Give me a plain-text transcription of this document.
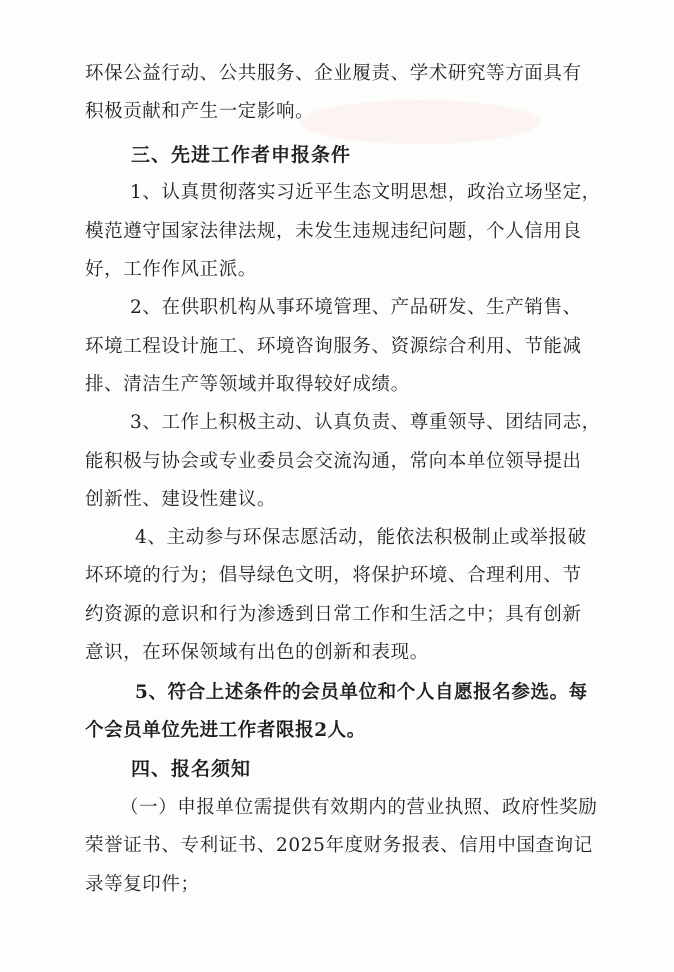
环保公益行动、公共服务、企业履责、学术研究等方面具有
积极贡献和产生一定影响。
三、先进工作者申报条件
1、认真贯彻落实习近平生态文明思想，政治立场坚定，
模范遵守国家法律法规，未发生违规违纪问题，个人信用良
好，工作作风正派。
2、在供职机构从事环境管理、产品研发、生产销售、
环境工程设计施工、环境咨询服务、资源综合利用、节能减
排、清洁生产等领域并取得较好成绩。
3、工作上积极主动、认真负责、尊重领导、团结同志，
能积极与协会或专业委员会交流沟通，常向本单位领导提出
创新性、建设性建议。
4、主动参与环保志愿活动，能依法积极制止或举报破
坏环境的行为；倡导绿色文明，将保护环境、合理利用、节
约资源的意识和行为渗透到日常工作和生活之中；具有创新
意识，在环保领域有出色的创新和表现。
5、符合上述条件的会员单位和个人自愿报名参选。每
个会员单位先进工作者限报2人。
四、报名须知
（一）申报单位需提供有效期内的营业执照、政府性奖励
荣誉证书、专利证书、2025年度财务报表、信用中国查询记
录等复印件；
